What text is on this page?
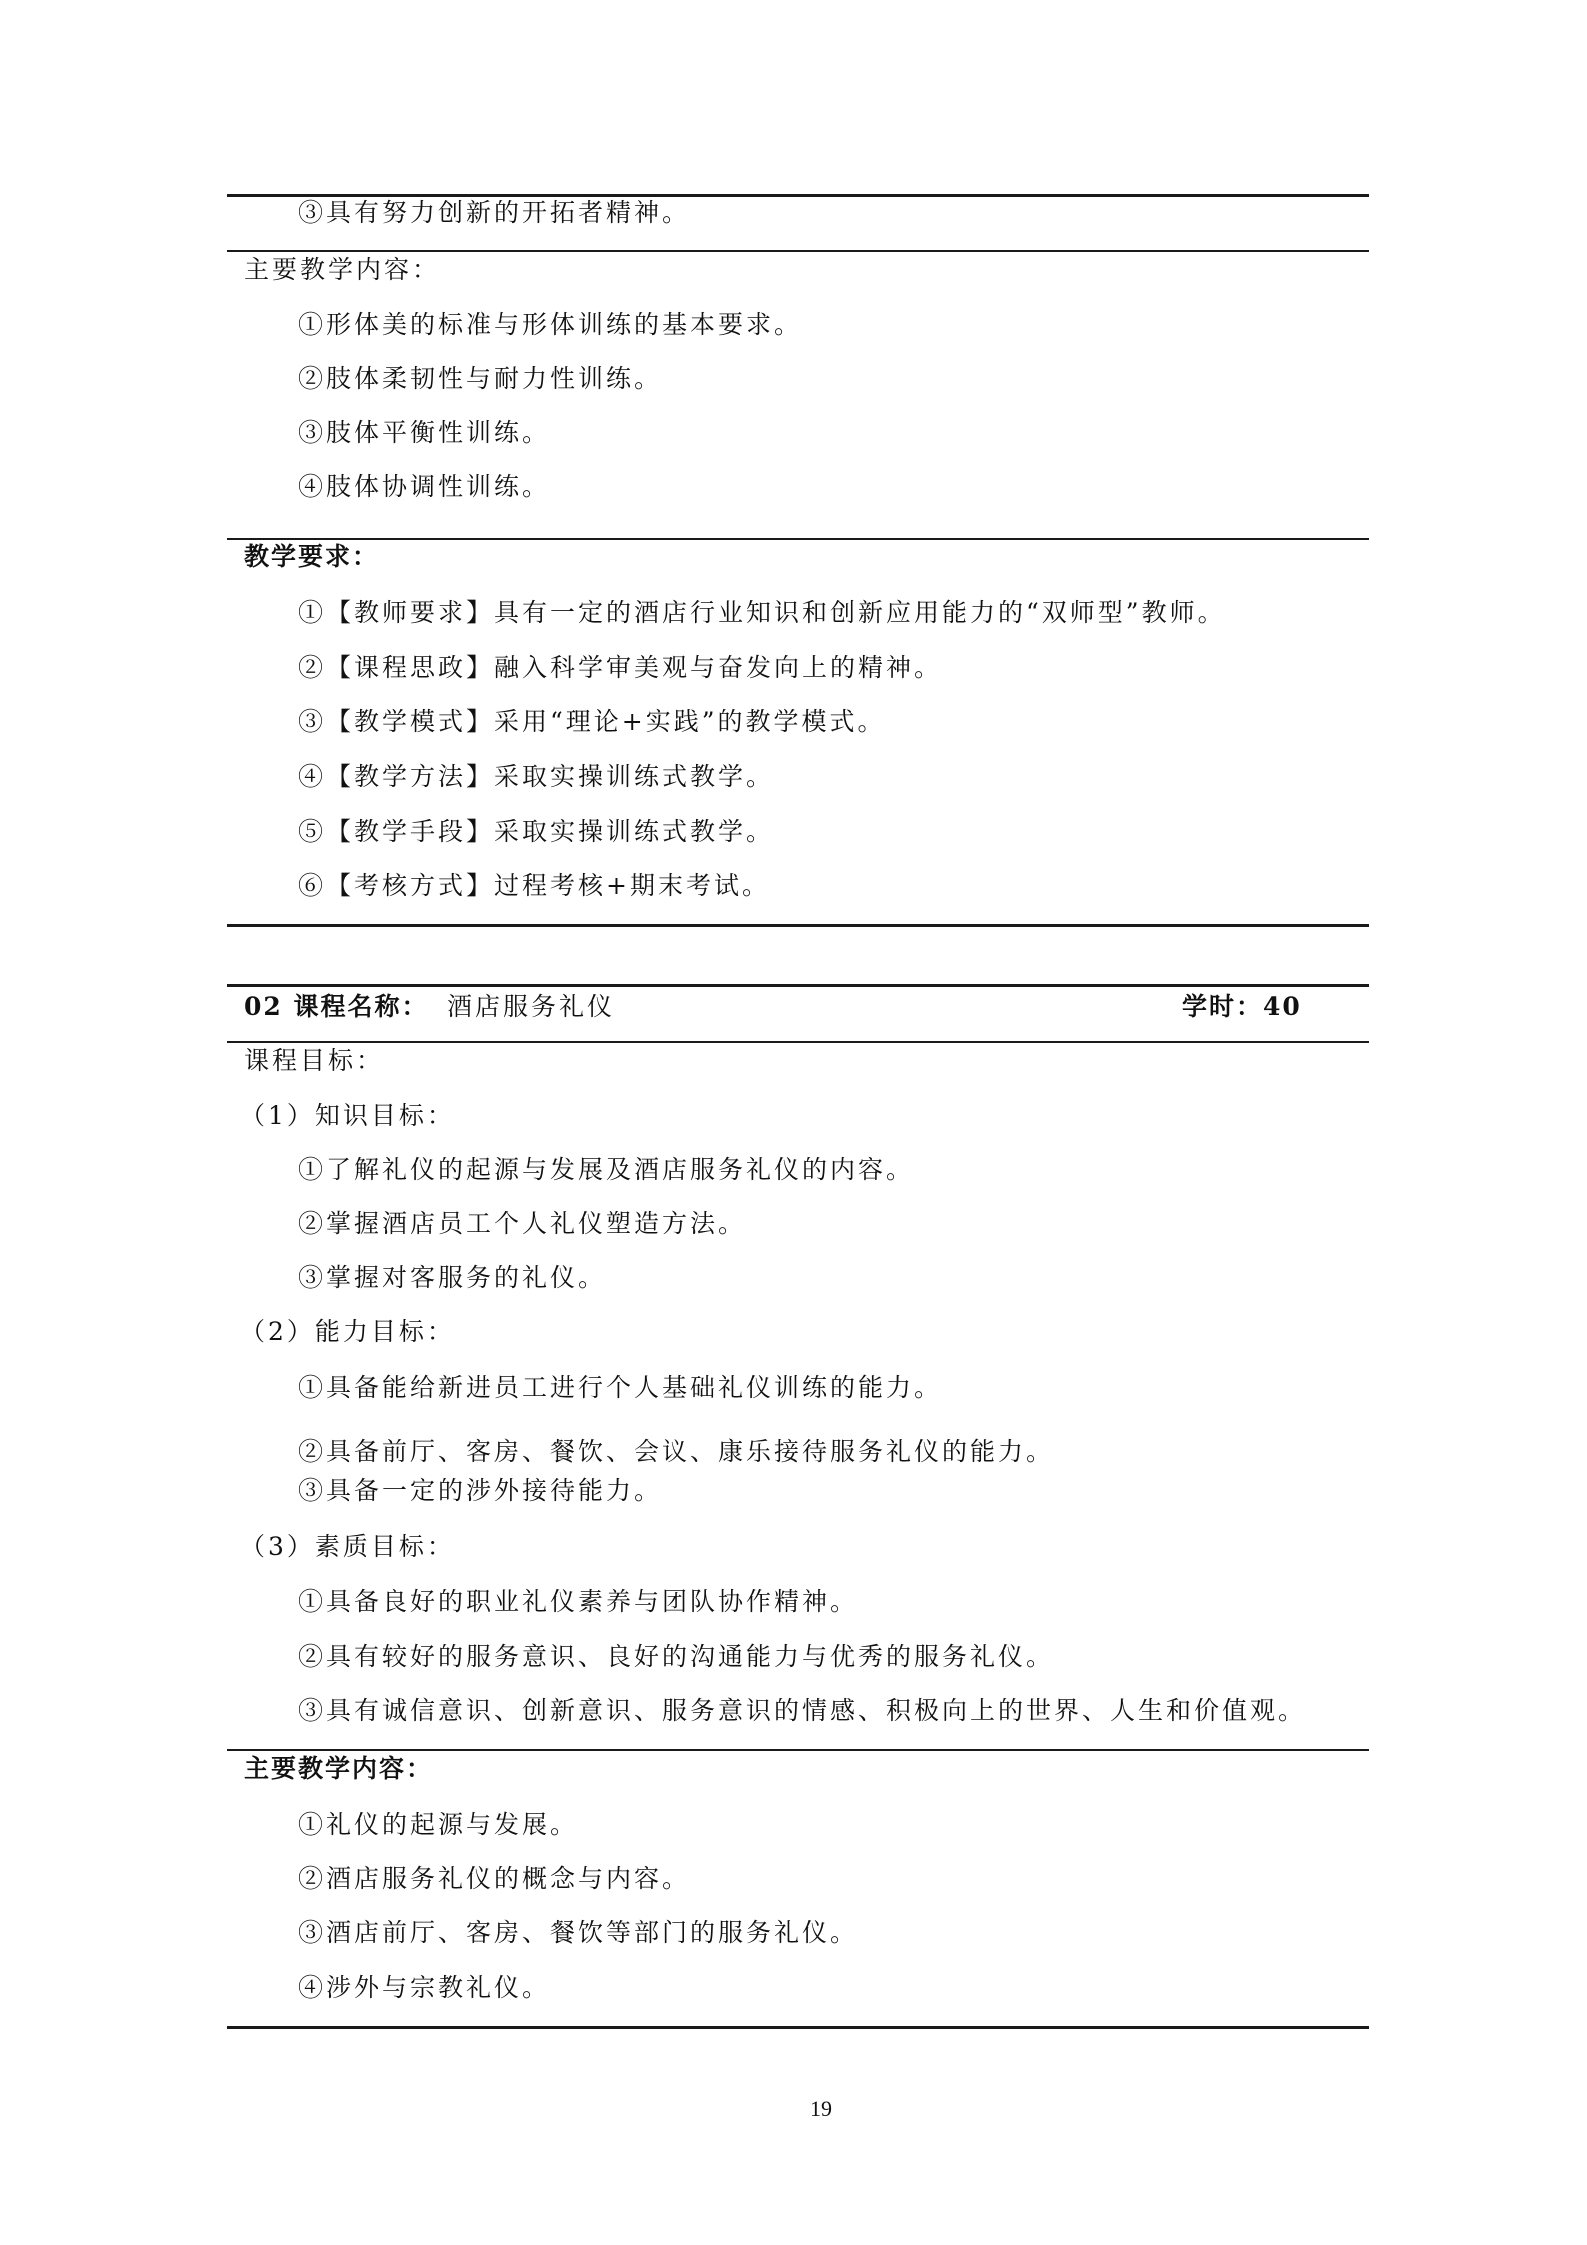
③具有努力创新的开拓者精神。
主要教学内容：
①形体美的标准与形体训练的基本要求。
②肢体柔韧性与耐力性训练。
③肢体平衡性训练。
④肢体协调性训练。
教学要求：
①【教师要求】具有一定的酒店行业知识和创新应用能力的“双师型”教师。
②【课程思政】融入科学审美观与奋发向上的精神。
③【教学模式】采用“理论+实践”的教学模式。
④【教学方法】采取实操训练式教学。
⑤【教学手段】采取实操训练式教学。
⑥【考核方式】过程考核+期末考试。
02 课程名称： 酒店服务礼仪	学时：40
课程目标：
（1）知识目标：
①了解礼仪的起源与发展及酒店服务礼仪的内容。
②掌握酒店员工个人礼仪塑造方法。
③掌握对客服务的礼仪。
（2）能力目标：
①具备能给新进员工进行个人基础礼仪训练的能力。
②具备前厅、客房、餐饮、会议、康乐接待服务礼仪的能力。
③具备一定的涉外接待能力。
（3）素质目标：
①具备良好的职业礼仪素养与团队协作精神。
②具有较好的服务意识、良好的沟通能力与优秀的服务礼仪。
③具有诚信意识、创新意识、服务意识的情感、积极向上的世界、人生和价值观。
主要教学内容：
①礼仪的起源与发展。
②酒店服务礼仪的概念与内容。
③酒店前厅、客房、餐饮等部门的服务礼仪。
④涉外与宗教礼仪。
19
